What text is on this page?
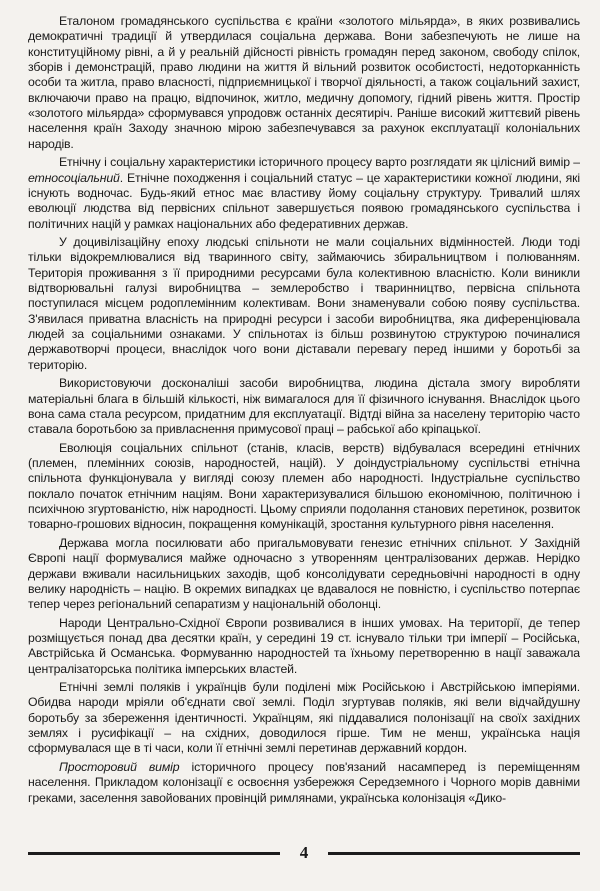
Еталоном громадянського суспільства є країни «золотого мільярда», в яких розвивались демократичні традиції й утвердилася соціальна держава. Вони забезпечують не лише на конституційному рівні, а й у реальній дійсності рівність громадян перед законом, свободу спілок, зборів і демонстрацій, право людини на життя й вільний розвиток особистості, недоторканність особи та житла, право власності, підприємницької і творчої діяльності, а також соціальний захист, включаючи право на працю, відпочинок, житло, медичну допомогу, гідний рівень життя. Простір «золотого мільярда» сформувався упродовж останніх десятиріч. Раніше високий життєвий рівень населення країн Заходу значною мірою забезпечувався за рахунок експлуатації колоніальних народів.

Етнічну і соціальну характеристики історичного процесу варто розглядати як цілісний вимір – етносоціальний. Етнічне походження і соціальний статус – це характеристики кожної людини, які існують водночас. Будь-який етнос має властиву йому соціальну структуру. Тривалий шлях еволюції людства від первісних спільнот завершується появою громадянського суспільства і політичних націй у рамках національних або федеративних держав.

У доцивілізаційну епоху людські спільноти не мали соціальних відмінностей. Люди тоді тільки відокремлювалися від тваринного світу, займаючись збиральництвом і полюванням. Територія проживання з її природними ресурсами була колективною власністю. Коли виникли відтворювальні галузі виробництва – землеробство і тваринництво, первісна спільнота поступилася місцем родоплемінним колективам. Вони знаменували собою появу суспільства. З'явилася приватна власність на природні ресурси і засоби виробництва, яка диференціювала людей за соціальними ознаками. У спільнотах із більш розвинутою структурою починалися державотворчі процеси, внаслідок чого вони діставали перевагу перед іншими у боротьбі за територію.

Використовуючи досконаліші засоби виробництва, людина дістала змогу виробляти матеріальні блага в більшій кількості, ніж вимагалося для її фізичного існування. Внаслідок цього вона сама стала ресурсом, придатним для експлуатації. Відтді війна за населену територію часто ставала боротьбою за привласнення примусової праці – рабської або кріпацької.

Еволюція соціальних спільнот (станів, класів, верств) відбувалася всередині етнічних (племен, племінних союзів, народностей, націй). У доіндустріальному суспільстві етнічна спільнота функціонувала у вигляді союзу племен або народності. Індустріальне суспільство поклало початок етнічним націям. Вони характеризувалися більшою економічною, політичною і психічною згуртованістю, ніж народності. Цьому сприяли подолання станових перетинок, розвиток товарно-грошових відносин, покращення комунікацій, зростання культурного рівня населення.

Держава могла посилювати або пригальмовувати генезис етнічних спільнот. У Західній Європі нації формувалися майже одночасно з утворенням централізованих держав. Нерідко держави вживали насильницьких заходів, щоб консолідувати середньовічні народності в одну велику народність – націю. В окремих випадках це вдавалося не повністю, і суспільство потерпає тепер через регіональний сепаратизм у національній оболонці.

Народи Центрально-Східної Європи розвивалися в інших умовах. На території, де тепер розміщується понад два десятки країн, у середині 19 ст. існувало тільки три імперії – Російська, Австрійська й Османська. Формуванню народностей та їхньому перетворенню в нації заважала централізаторська політика імперських властей.

Етнічні землі поляків і українців були поділені між Російською і Австрійською імперіями. Обидва народи мріяли об'єднати свої землі. Поділ згуртував поляків, які вели відчайдушну боротьбу за збереження ідентичності. Українцям, які піддавалися полонізації на своїх західних землях і русифікації – на східних, доводилося гірше. Тим не менш, українська нація сформувалася ще в ті часи, коли її етнічні землі перетинав державний кордон.

Просторовий вимір історичного процесу пов'язаний насамперед із переміщенням населення. Прикладом колонізації є освоєння узбережжя Середземного і Чорного морів давніми греками, заселення завойованих провінцій римлянами, українська колонізація «Дико-

4
